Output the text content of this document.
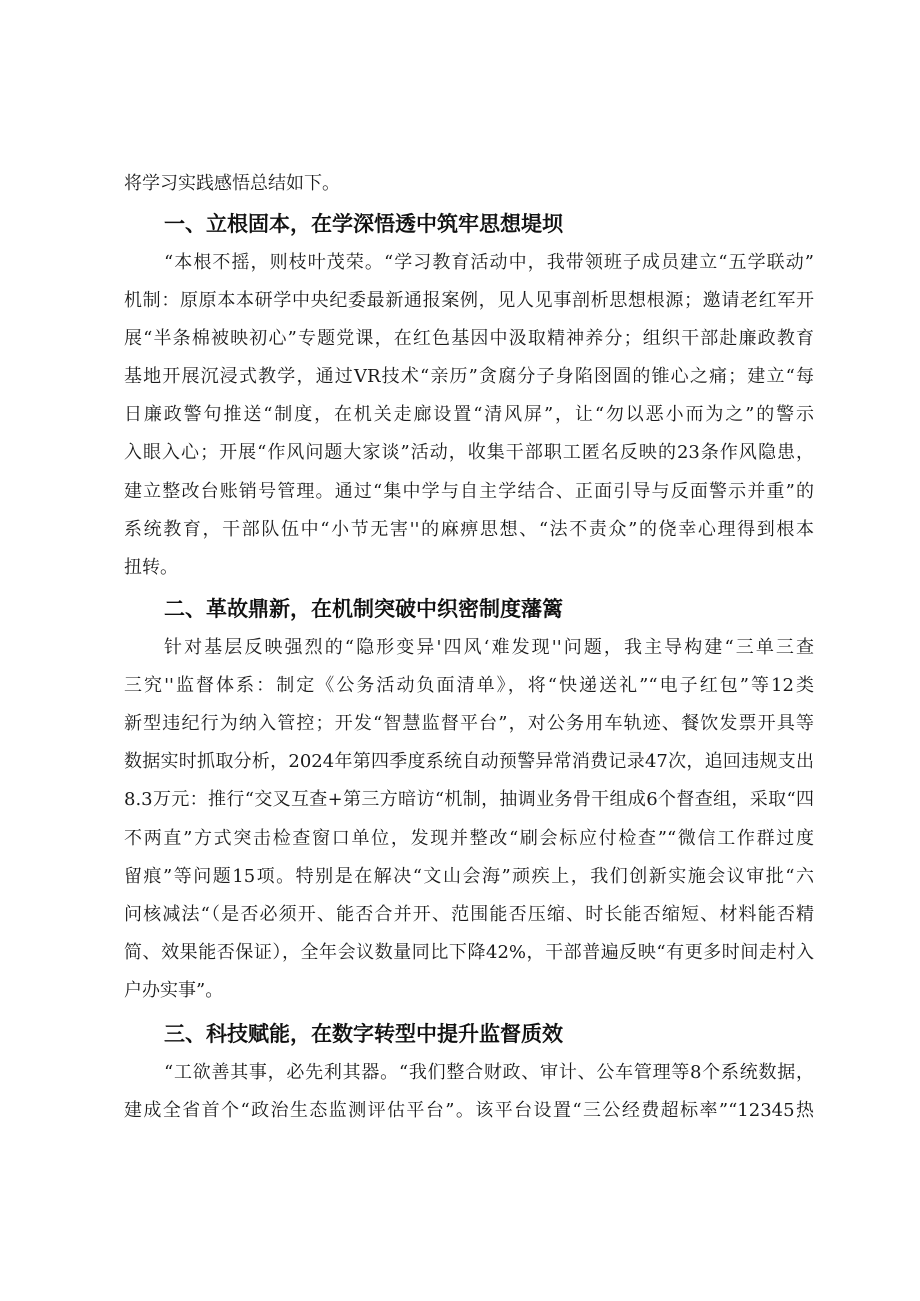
将学习实践感悟总结如下。
一、立根固本，在学深悟透中筑牢思想堤坝
“本根不摇，则枝叶茂荣。“学习教育活动中，我带领班子成员建立“五学联动”
机制：原原本本研学中央纪委最新通报案例，见人见事剖析思想根源；邀请老红军开
展“半条棉被映初心”专题党课，在红色基因中汲取精神养分；组织干部赴廉政教育
基地开展沉浸式教学，通过VR技术“亲历”贪腐分子身陷囹圄的锥心之痛；建立“每
日廉政警句推送“制度，在机关走廊设置“清风屏”，让“勿以恶小而为之”的警示
入眼入心；开展“作风问题大家谈”活动，收集干部职工匿名反映的23条作风隐患，
建立整改台账销号管理。通过“集中学与自主学结合、正面引导与反面警示并重”的
系统教育，干部队伍中“小节无害''的麻痹思想、“法不责众”的侥幸心理得到根本
扭转。
二、革故鼎新，在机制突破中织密制度藩篱
针对基层反映强烈的“隐形变异'四风‘难发现''问题，我主导构建“三单三查
三究''监督体系：制定《公务活动负面清单》，将“快递送礼”“电子红包”等12类
新型违纪行为纳入管控；开发“智慧监督平台”，对公务用车轨迹、餐饮发票开具等
数据实时抓取分析，2024年第四季度系统自动预警异常消费记录47次，追回违规支出
8.3万元：推行“交叉互查+第三方暗访“机制，抽调业务骨干组成6个督查组，采取“四
不两直”方式突击检查窗口单位，发现并整改“刷会标应付检查”“微信工作群过度
留痕”等问题15项。特别是在解决“文山会海”顽疾上，我们创新实施会议审批“六
问核减法“（是否必须开、能否合并开、范围能否压缩、时长能否缩短、材料能否精
简、效果能否保证），全年会议数量同比下降42%，干部普遍反映“有更多时间走村入
户办实事”。
三、科技赋能，在数字转型中提升监督质效
“工欲善其事，必先利其器。“我们整合财政、审计、公车管理等8个系统数据，
建成全省首个“政治生态监测评估平台”。该平台设置“三公经费超标率”“12345热
